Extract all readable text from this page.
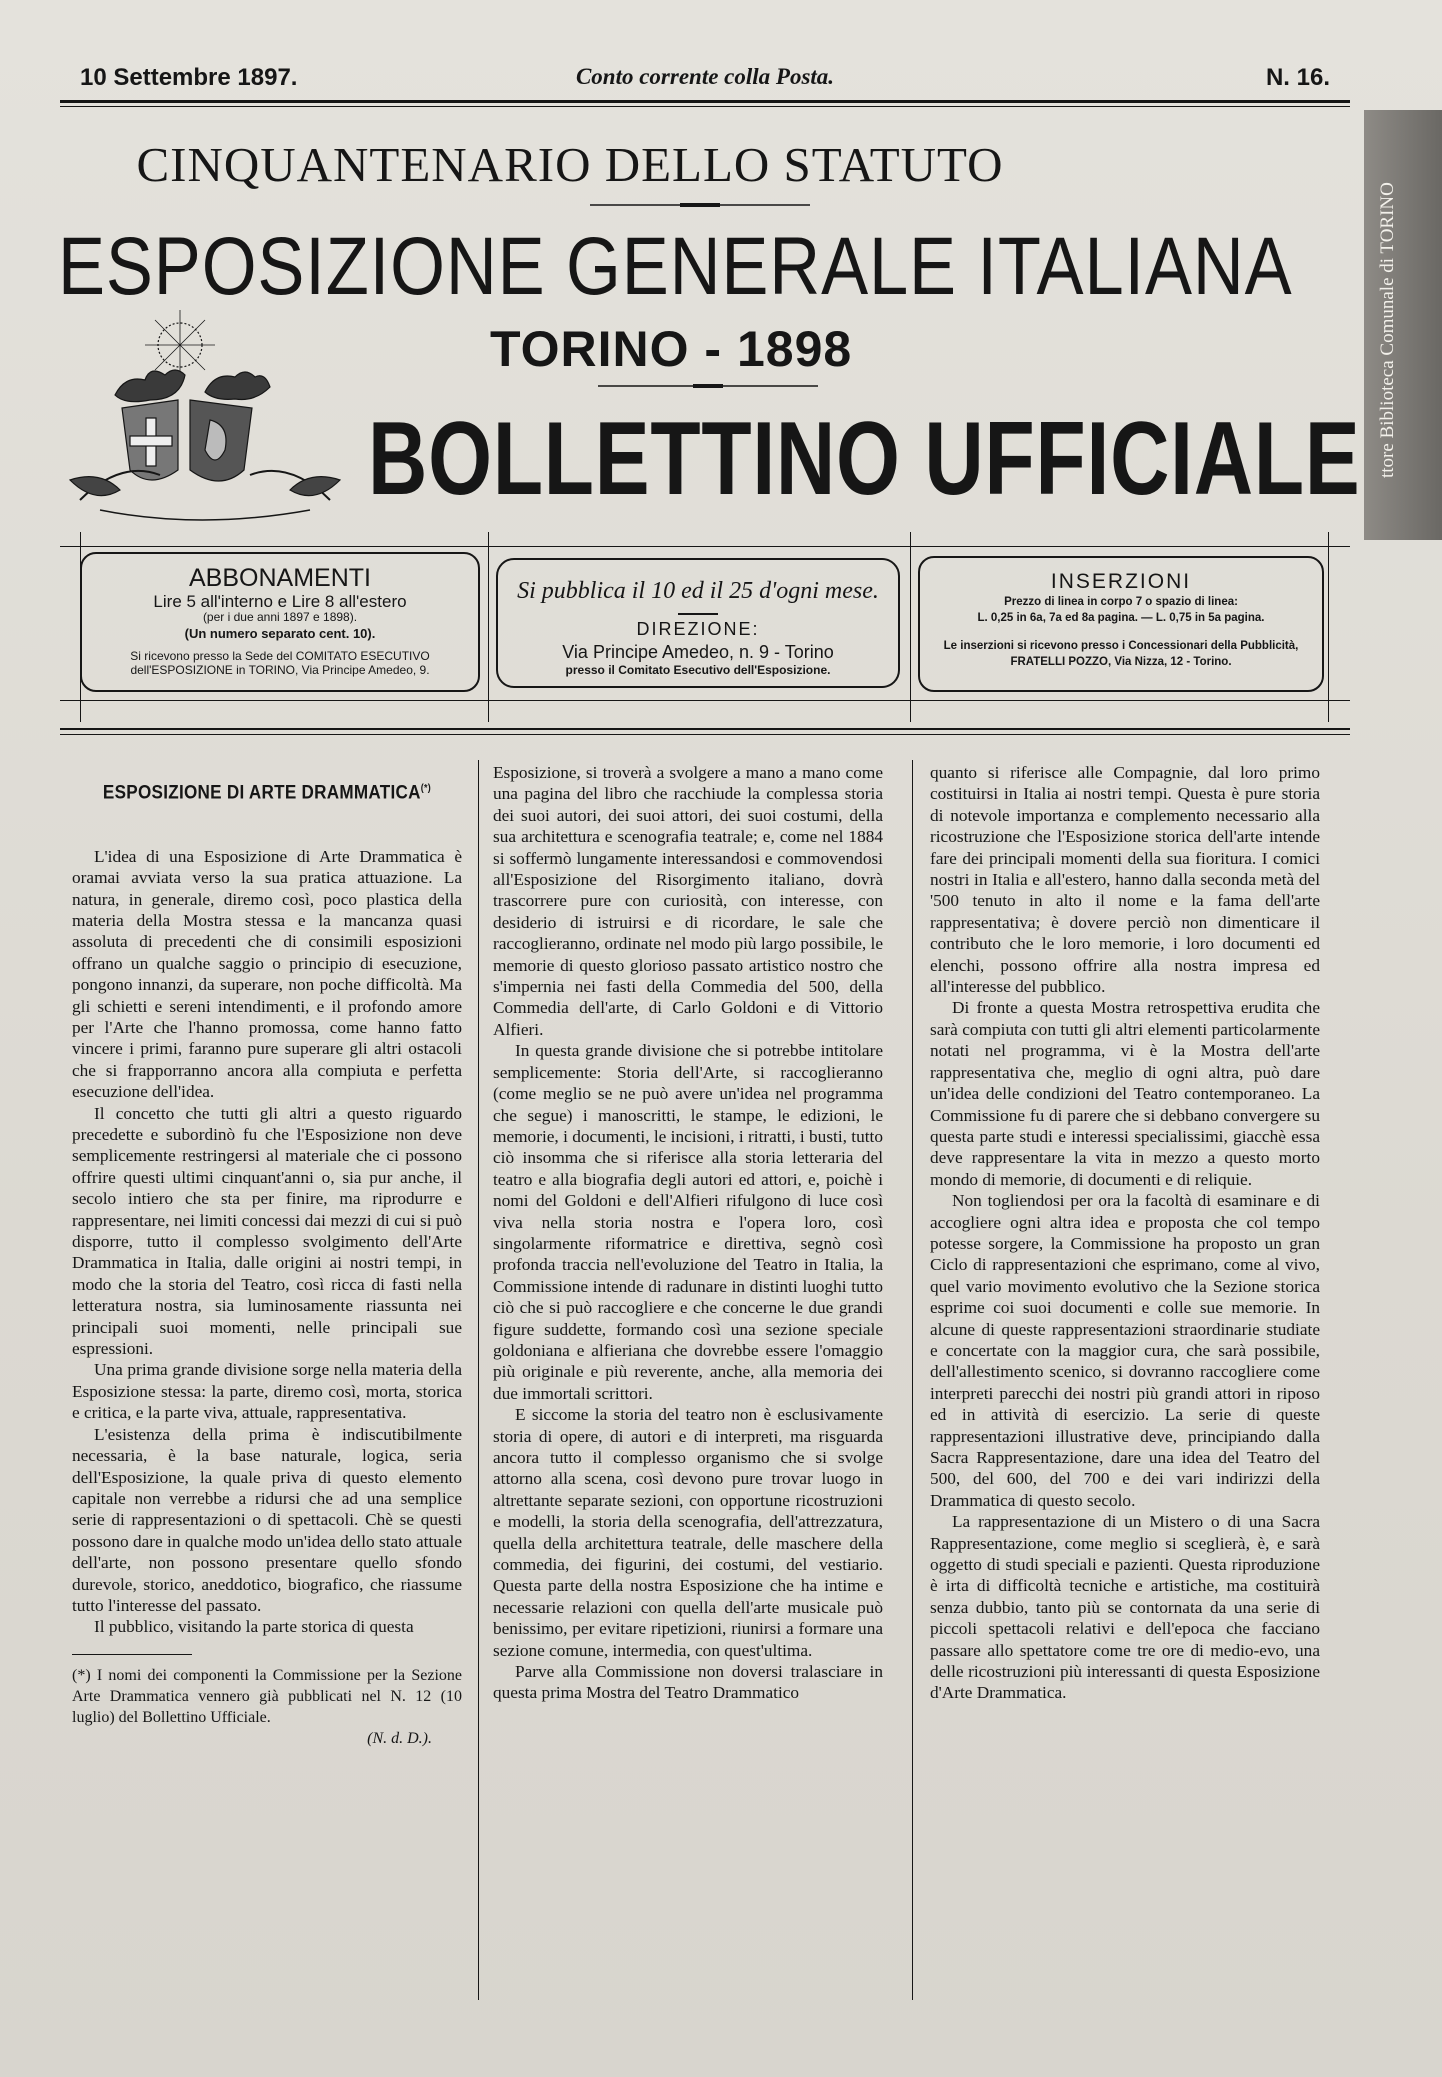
ttore Biblioteca Comunale di TORINO
10 Settembre 1897.	Conto corrente colla Posta.	N. 16.
CINQUANTENARIO DELLO STATUTO
ESPOSIZIONE GENERALE ITALIANA
TORINO - 1898
BOLLETTINO UFFICIALE
ABBONAMENTI
Lire 5 all'interno e Lire 8 all'estero
(per i due anni 1897 e 1898).
(Un numero separato cent. 10).
Si ricevono presso la Sede del COMITATO ESECUTIVO dell'ESPOSIZIONE in TORINO, Via Principe Amedeo, 9.
Si pubblica il 10 ed il 25 d'ogni mese.
DIREZIONE:
Via Principe Amedeo, n. 9 - Torino
presso il Comitato Esecutivo dell'Esposizione.
INSERZIONI
Prezzo di linea in corpo 7 o spazio di linea:
L. 0,25 in 6a, 7a ed 8a pagina. — L. 0,75 in 5a pagina.
Le inserzioni si ricevono presso i Concessionari della Pubblicità, FRATELLI POZZO, Via Nizza, 12 - Torino.
ESPOSIZIONE DI ARTE DRAMMATICA(*)

L'idea di una Esposizione di Arte Drammatica è oramai avviata verso la sua pratica attuazione. La natura, in generale, diremo così, poco plastica della materia della Mostra stessa e la mancanza quasi assoluta di precedenti che di consimili esposizioni offrano un qualche saggio o principio di esecuzione, pongono innanzi, da superare, non poche difficoltà. Ma gli schietti e sereni intendimenti, e il profondo amore per l'Arte che l'hanno promossa, come hanno fatto vincere i primi, faranno pure superare gli altri ostacoli che si frapporranno ancora alla compiuta e perfetta esecuzione dell'idea.

Il concetto che tutti gli altri a questo riguardo precedette e subordinò fu che l'Esposizione non deve semplicemente restringersi al materiale che ci possono offrire questi ultimi cinquant'anni o, sia pur anche, il secolo intiero che sta per finire, ma riprodurre e rappresentare, nei limiti concessi dai mezzi di cui si può disporre, tutto il complesso svolgimento dell'Arte Drammatica in Italia, dalle origini ai nostri tempi, in modo che la storia del Teatro, così ricca di fasti nella letteratura nostra, sia luminosamente riassunta nei principali suoi momenti, nelle principali sue espressioni.

Una prima grande divisione sorge nella materia della Esposizione stessa: la parte, diremo così, morta, storica e critica, e la parte viva, attuale, rappresentativa.

L'esistenza della prima è indiscutibilmente necessaria, è la base naturale, logica, seria dell'Esposizione, la quale priva di questo elemento capitale non verrebbe a ridursi che ad una semplice serie di rappresentazioni o di spettacoli. Chè se questi possono dare in qualche modo un'idea dello stato attuale dell'arte, non possono presentare quello sfondo durevole, storico, aneddotico, biografico, che riassume tutto l'interesse del passato.

Il pubblico, visitando la parte storica di questa

(*) I nomi dei componenti la Commissione per la Sezione Arte Drammatica vennero già pubblicati nel N. 12 (10 luglio) del Bollettino Ufficiale.

(N. d. D.).

Esposizione, si troverà a svolgere a mano a mano come una pagina del libro che racchiude la complessa storia dei suoi autori, dei suoi attori, dei suoi costumi, della sua architettura e scenografia teatrale; e, come nel 1884 si soffermò lungamente interessandosi e commovendosi all'Esposizione del Risorgimento italiano, dovrà trascorrere pure con curiosità, con interesse, con desiderio di istruirsi e di ricordare, le sale che raccoglieranno, ordinate nel modo più largo possibile, le memorie di questo glorioso passato artistico nostro che s'impernia nei fasti della Commedia del 500, della Commedia dell'arte, di Carlo Goldoni e di Vittorio Alfieri.

In questa grande divisione che si potrebbe intitolare semplicemente: Storia dell'Arte, si raccoglieranno (come meglio se ne può avere un'idea nel programma che segue) i manoscritti, le stampe, le edizioni, le memorie, i documenti, le incisioni, i ritratti, i busti, tutto ciò insomma che si riferisce alla storia letteraria del teatro e alla biografia degli autori ed attori, e, poichè i nomi del Goldoni e dell'Alfieri rifulgono di luce così viva nella storia nostra e l'opera loro, così singolarmente riformatrice e direttiva, segnò così profonda traccia nell'evoluzione del Teatro in Italia, la Commissione intende di radunare in distinti luoghi tutto ciò che si può raccogliere e che concerne le due grandi figure suddette, formando così una sezione speciale goldoniana e alfieriana che dovrebbe essere l'omaggio più originale e più reverente, anche, alla memoria dei due immortali scrittori.

E siccome la storia del teatro non è esclusivamente storia di opere, di autori e di interpreti, ma risguarda ancora tutto il complesso organismo che si svolge attorno alla scena, così devono pure trovar luogo in altrettante separate sezioni, con opportune ricostruzioni e modelli, la storia della scenografia, dell'attrezzatura, quella della architettura teatrale, delle maschere della commedia, dei figurini, dei costumi, del vestiario. Questa parte della nostra Esposizione che ha intime e necessarie relazioni con quella dell'arte musicale può benissimo, per evitare ripetizioni, riunirsi a formare una sezione comune, intermedia, con quest'ultima.

Parve alla Commissione non doversi tralasciare in questa prima Mostra del Teatro Drammatico

quanto si riferisce alle Compagnie, dal loro primo costituirsi in Italia ai nostri tempi. Questa è pure storia di notevole importanza e complemento necessario alla ricostruzione che l'Esposizione storica dell'arte intende fare dei principali momenti della sua fioritura. I comici nostri in Italia e all'estero, hanno dalla seconda metà del '500 tenuto in alto il nome e la fama dell'arte rappresentativa; è dovere perciò non dimenticare il contributo che le loro memorie, i loro documenti ed elenchi, possono offrire alla nostra impresa ed all'interesse del pubblico.

Di fronte a questa Mostra retrospettiva erudita che sarà compiuta con tutti gli altri elementi particolarmente notati nel programma, vi è la Mostra dell'arte rappresentativa che, meglio di ogni altra, può dare un'idea delle condizioni del Teatro contemporaneo. La Commissione fu di parere che si debbano convergere su questa parte studi e interessi specialissimi, giacchè essa deve rappresentare la vita in mezzo a questo morto mondo di memorie, di documenti e di reliquie.

Non togliendosi per ora la facoltà di esaminare e di accogliere ogni altra idea e proposta che col tempo potesse sorgere, la Commissione ha proposto un gran Ciclo di rappresentazioni che esprimano, come al vivo, quel vario movimento evolutivo che la Sezione storica esprime coi suoi documenti e colle sue memorie. In alcune di queste rappresentazioni straordinarie studiate e concertate con la maggior cura, che sarà possibile, dell'allestimento scenico, si dovranno raccogliere come interpreti parecchi dei nostri più grandi attori in riposo ed in attività di esercizio. La serie di queste rappresentazioni illustrative deve, principiando dalla Sacra Rappresentazione, dare una idea del Teatro del 500, del 600, del 700 e dei vari indirizzi della Drammatica di questo secolo.

La rappresentazione di un Mistero o di una Sacra Rappresentazione, come meglio si sceglierà, è, e sarà oggetto di studi speciali e pazienti. Questa riproduzione è irta di difficoltà tecniche e artistiche, ma costituirà senza dubbio, tanto più se contornata da una serie di piccoli spettacoli relativi e dell'epoca che facciano passare allo spettatore come tre ore di medio-evo, una delle ricostruzioni più interessanti di questa Esposizione d'Arte Drammatica.
